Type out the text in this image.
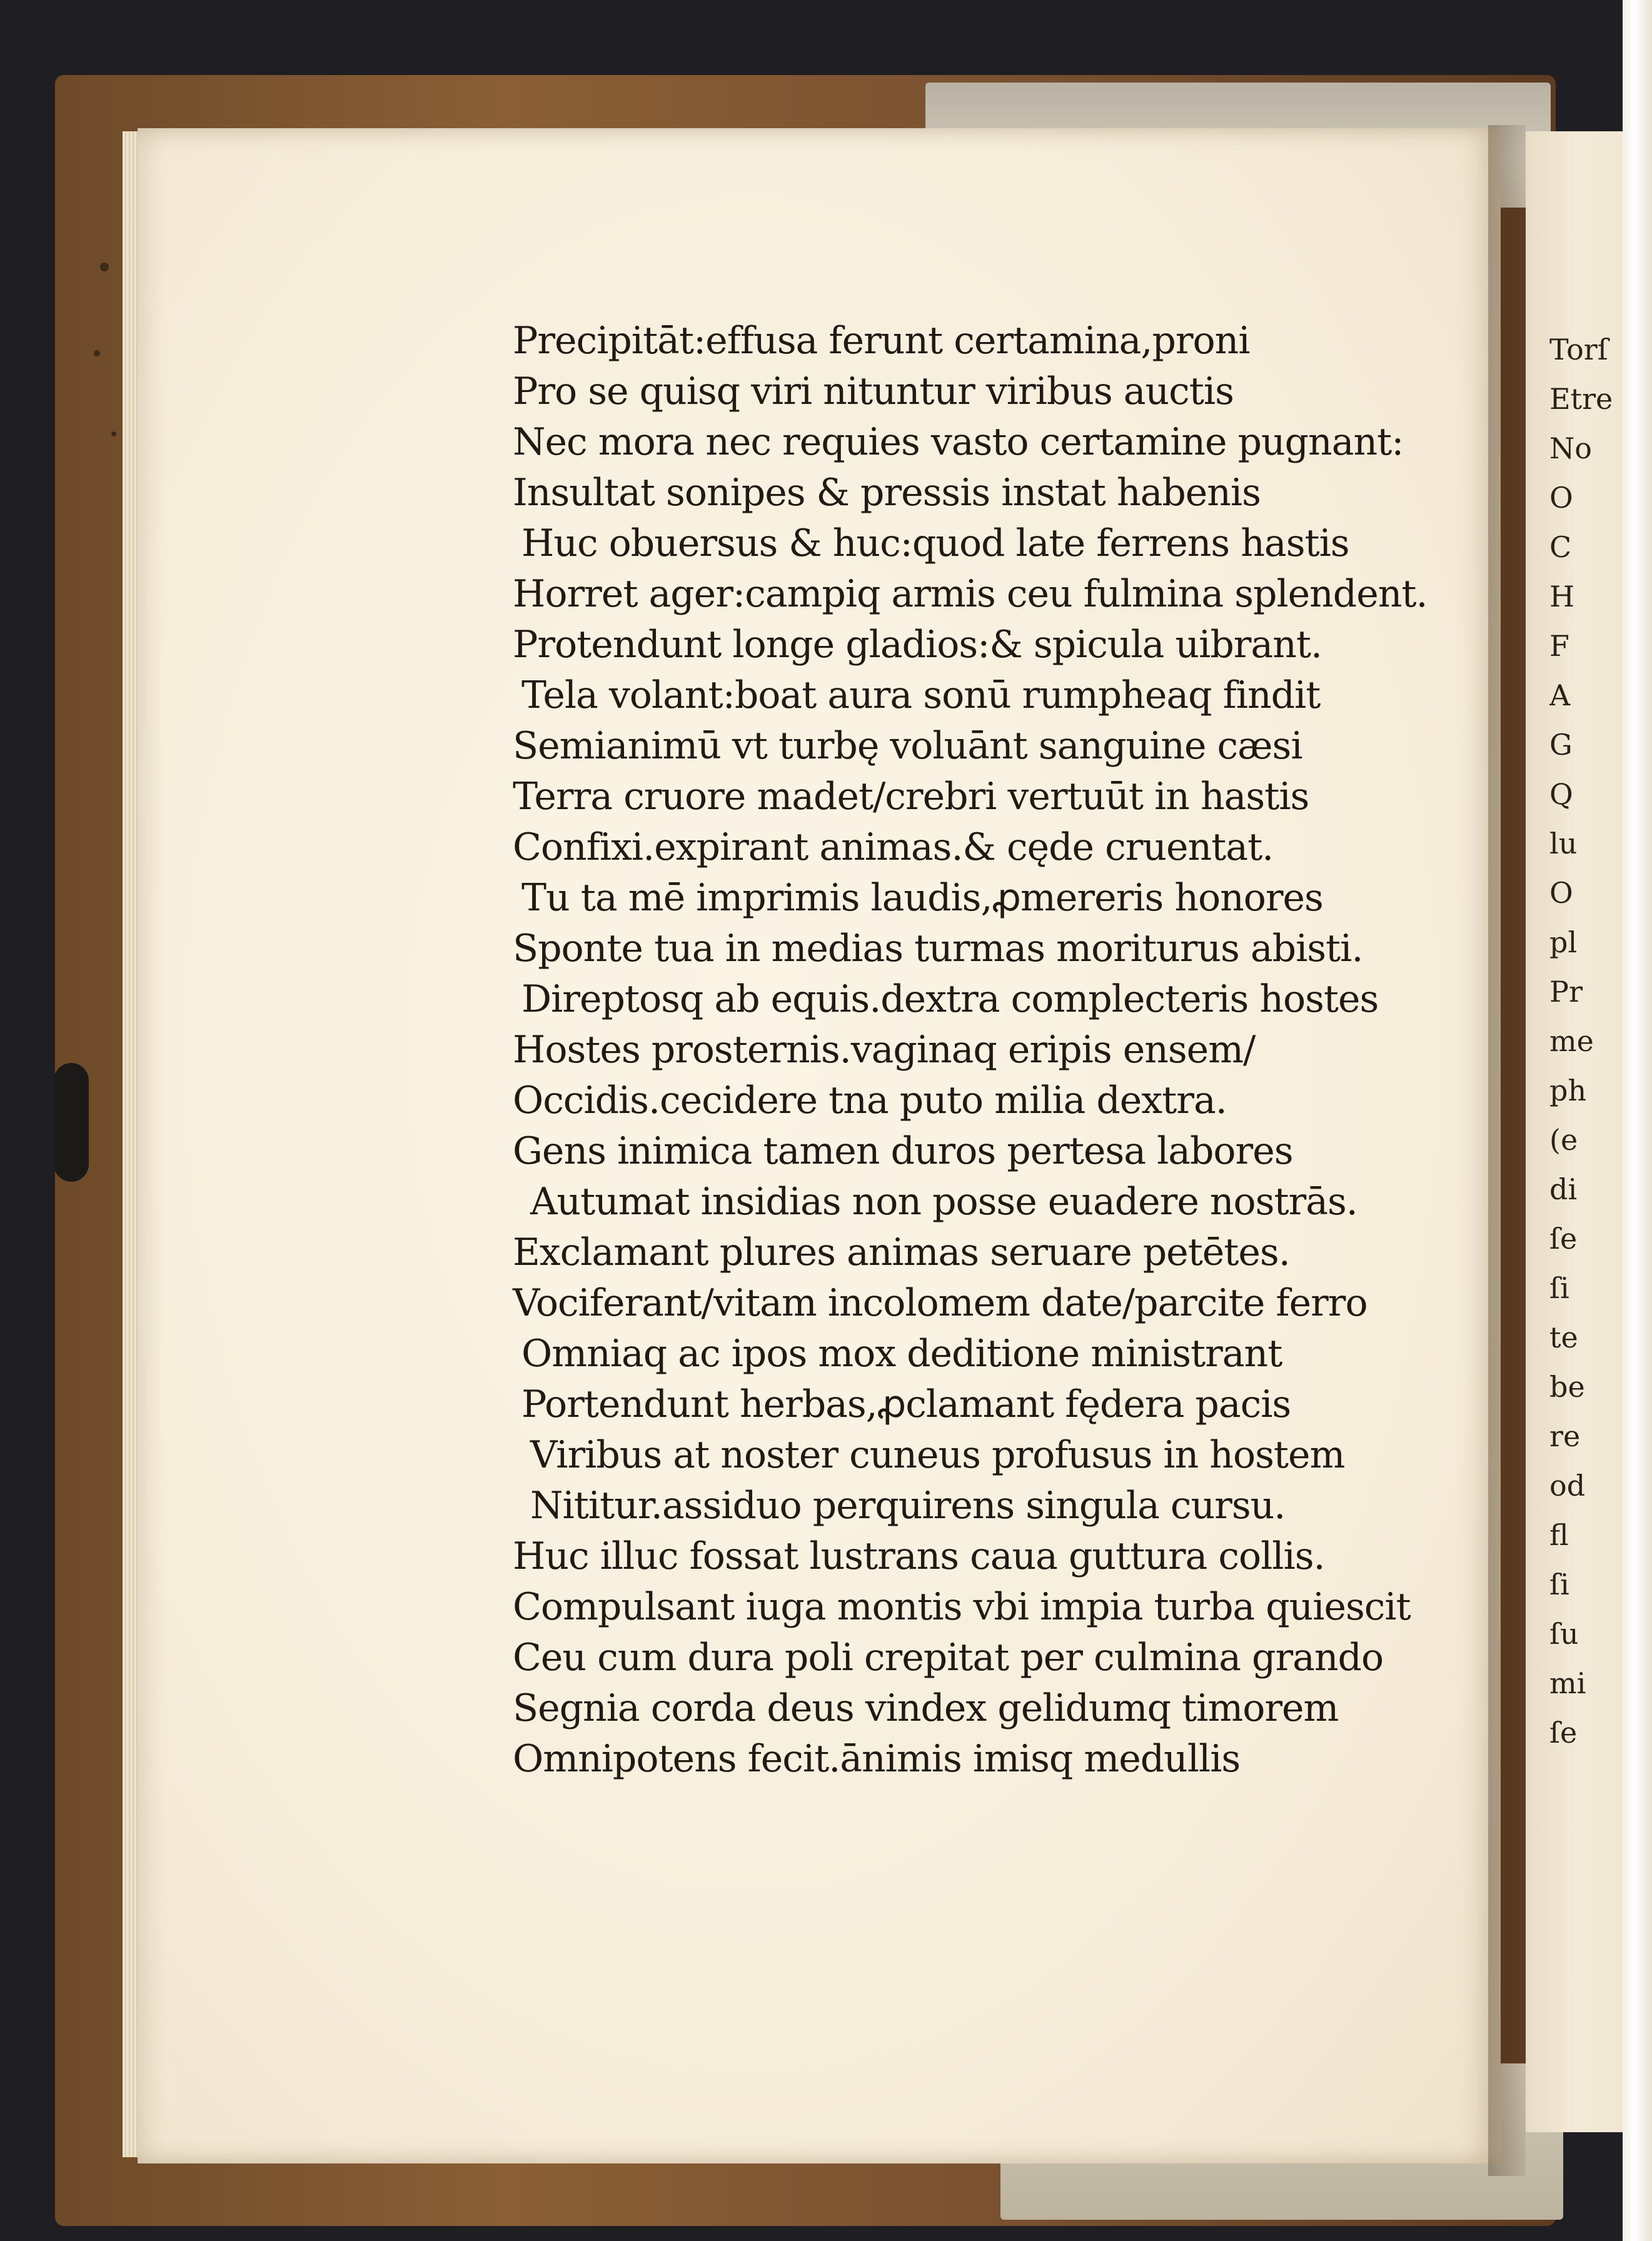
Precipitāt:effusa ferunt certamina,proni
Pro se quisq viri nituntur viribus auctis
Nec mora nec requies vasto certamine pugnant:
Insultat sonipes & pressis instat habenis
Huc obuersus & huc:quod late ferrens hastis
Horret ager:campiq armis ceu fulmina splendent.
Protendunt longe gladios:& spicula uibrant.
Tela volant:boat aura sonū rumpheaq findit
Semianimū vt turbę voluānt sanguine cæsi
Terra cruore madet/crebri vertuūt in hastis
Confixi.expirant animas.& cęde cruentat.
Tu ta mē imprimis laudis,ꝓmereris honores
Sponte tua in medias turmas moriturus abisti.
Direptosq ab equis.dextra complecteris hostes
Hostes prosternis.vaginaq eripis ensem/
Occidis.cecidere tna puto milia dextra.
Gens inimica tamen duros pertesa labores
Autumat insidias non posse euadere nostrās.
Exclamant plures animas seruare petētes.
Vociferant/vitam incolomem date/parcite ferro
Omniaq ac ipos mox deditione ministrant
Portendunt herbas,ꝓclamant fędera pacis
Viribus at noster cuneus profusus in hostem
Nititur.assiduo perquirens singula cursu.
Huc illuc fossat lustrans caua guttura collis.
Compulsant iuga montis vbi impia turba quiescit
Ceu cum dura poli crepitat per culmina grando
Segnia corda deus vindex gelidumq timorem
Omnipotens fecit.ānimis imisq medullis
Torſ
Etre
No
O
C
H
F
A
G
Q
lu
O
pl
Pr
me
ph
(e
di
ſe
ſi
te
be
re
od
fl
ſi
ſu
mi
ſe
